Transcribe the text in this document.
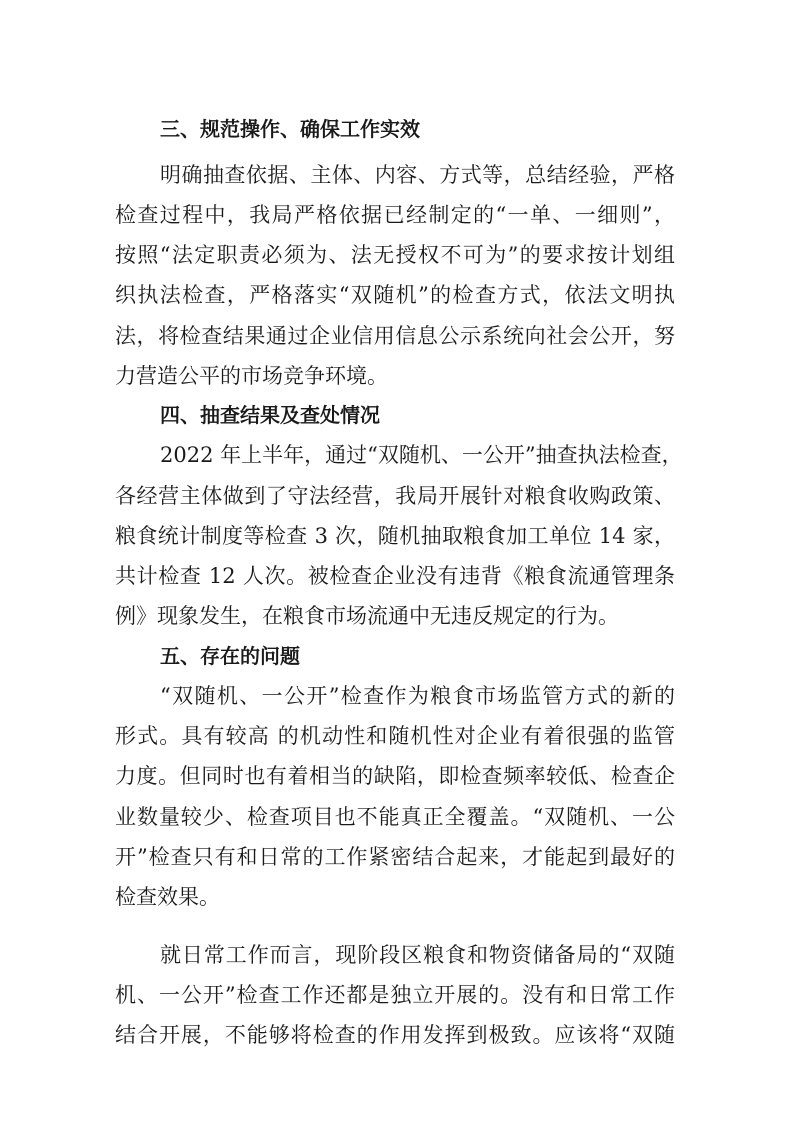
三、规范操作、确保工作实效
明确抽查依据、主体、内容、方式等，总结经验，严格
检查过程中，我局严格依据已经制定的“一单、一细则”，
按照“法定职责必须为、法无授权不可为”的要求按计划组
织执法检查，严格落实“双随机”的检查方式，依法文明执
法，将检查结果通过企业信用信息公示系统向社会公开，努
力营造公平的市场竞争环境。
四、抽查结果及查处情况
2022 年上半年，通过“双随机、一公开”抽查执法检查，
各经营主体做到了守法经营，我局开展针对粮食收购政策、
粮食统计制度等检查 3 次，随机抽取粮食加工单位 14 家，
共计检查 12 人次。被检查企业没有违背《粮食流通管理条
例》现象发生，在粮食市场流通中无违反规定的行为。
五、存在的问题
“双随机、一公开”检查作为粮食市场监管方式的新的
形式。具有较高 的机动性和随机性对企业有着很强的监管
力度。但同时也有着相当的缺陷，即检查频率较低、检查企
业数量较少、检查项目也不能真正全覆盖。“双随机、一公
开”检查只有和日常的工作紧密结合起来，才能起到最好的
检查效果。
就日常工作而言，现阶段区粮食和物资储备局的“双随
机、一公开”检查工作还都是独立开展的。没有和日常工作
结合开展，不能够将检查的作用发挥到极致。应该将“双随
